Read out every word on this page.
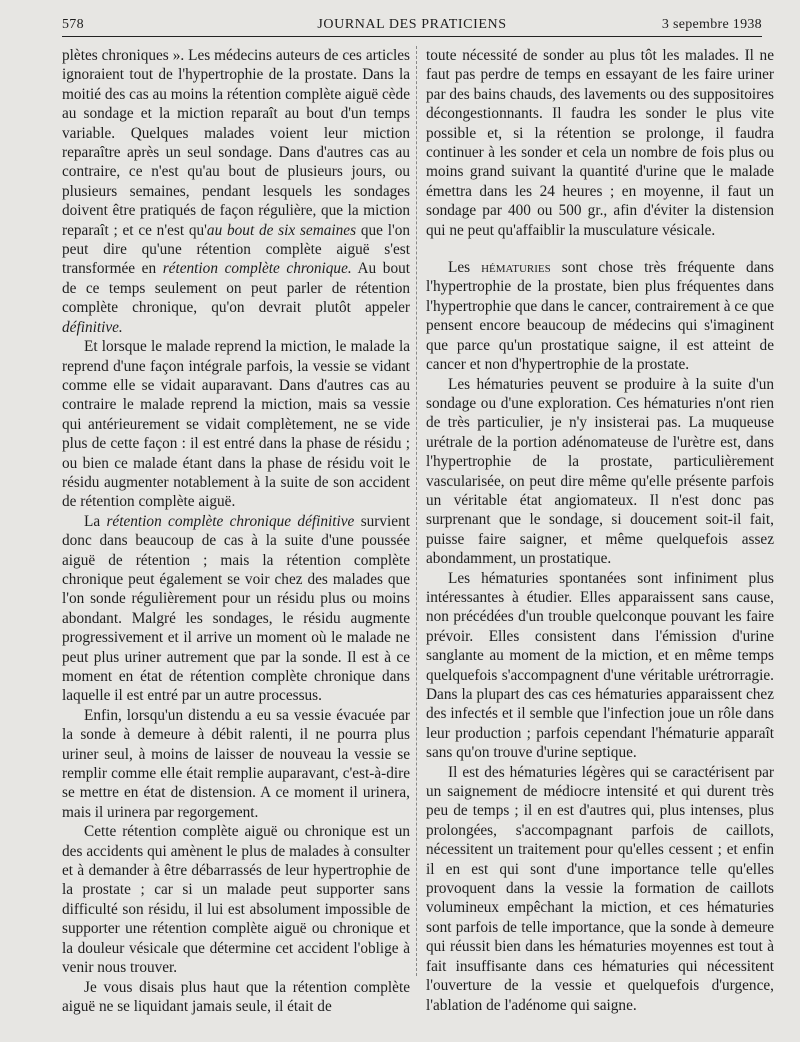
578	JOURNAL DES PRATICIENS	3 sepembre 1938

plètes chroniques ». Les médecins auteurs de ces articles ignoraient tout de l'hypertrophie de la prostate. Dans la moitié des cas au moins la rétention complète aiguë cède au sondage et la miction reparaît au bout d'un temps variable. Quelques malades voient leur miction reparaître après un seul sondage. Dans d'autres cas au contraire, ce n'est qu'au bout de plusieurs jours, ou plusieurs semaines, pendant lesquels les sondages doivent être pratiqués de façon régulière, que la miction reparaît ; et ce n'est qu'au bout de six semaines que l'on peut dire qu'une rétention complète aiguë s'est transformée en rétention complète chronique. Au bout de ce temps seulement on peut parler de rétention complète chronique, qu'on devrait plutôt appeler définitive.

Et lorsque le malade reprend la miction, le malade la reprend d'une façon intégrale parfois, la vessie se vidant comme elle se vidait auparavant. Dans d'autres cas au contraire le malade reprend la miction, mais sa vessie qui antérieurement se vidait complètement, ne se vide plus de cette façon : il est entré dans la phase de résidu ; ou bien ce malade étant dans la phase de résidu voit le résidu augmenter notablement à la suite de son accident de rétention complète aiguë.

La rétention complète chronique définitive survient donc dans beaucoup de cas à la suite d'une poussée aiguë de rétention ; mais la rétention complète chronique peut également se voir chez des malades que l'on sonde régulièrement pour un résidu plus ou moins abondant. Malgré les sondages, le résidu augmente progressivement et il arrive un moment où le malade ne peut plus uriner autrement que par la sonde. Il est à ce moment en état de rétention complète chronique dans laquelle il est entré par un autre processus.

Enfin, lorsqu'un distendu a eu sa vessie évacuée par la sonde à demeure à débit ralenti, il ne pourra plus uriner seul, à moins de laisser de nouveau la vessie se remplir comme elle était remplie auparavant, c'est-à-dire se mettre en état de distension. A ce moment il urinera, mais il urinera par regorgement.

Cette rétention complète aiguë ou chronique est un des accidents qui amènent le plus de malades à consulter et à demander à être débarrassés de leur hypertrophie de la prostate ; car si un malade peut supporter sans difficulté son résidu, il lui est absolument impossible de supporter une rétention complète aiguë ou chronique et la douleur vésicale que détermine cet accident l'oblige à venir nous trouver.

Je vous disais plus haut que la rétention complète aiguë ne se liquidant jamais seule, il était de

toute nécessité de sonder au plus tôt les malades. Il ne faut pas perdre de temps en essayant de les faire uriner par des bains chauds, des lavements ou des suppositoires décongestionnants. Il faudra les sonder le plus vite possible et, si la rétention se prolonge, il faudra continuer à les sonder et cela un nombre de fois plus ou moins grand suivant la quantité d'urine que le malade émettra dans les 24 heures ; en moyenne, il faut un sondage par 400 ou 500 gr., afin d'éviter la distension qui ne peut qu'affaiblir la musculature vésicale.

Les hématuries sont chose très fréquente dans l'hypertrophie de la prostate, bien plus fréquentes dans l'hypertrophie que dans le cancer, contrairement à ce que pensent encore beaucoup de médecins qui s'imaginent que parce qu'un prostatique saigne, il est atteint de cancer et non d'hypertrophie de la prostate.

Les hématuries peuvent se produire à la suite d'un sondage ou d'une exploration. Ces hématuries n'ont rien de très particulier, je n'y insisterai pas. La muqueuse urétrale de la portion adénomateuse de l'urètre est, dans l'hypertrophie de la prostate, particulièrement vascularisée, on peut dire même qu'elle présente parfois un véritable état angiomateux. Il n'est donc pas surprenant que le sondage, si doucement soit-il fait, puisse faire saigner, et même quelquefois assez abondamment, un prostatique.

Les hématuries spontanées sont infiniment plus intéressantes à étudier. Elles apparaissent sans cause, non précédées d'un trouble quelconque pouvant les faire prévoir. Elles consistent dans l'émission d'urine sanglante au moment de la miction, et en même temps quelquefois s'accompagnent d'une véritable urétrorragie. Dans la plupart des cas ces hématuries apparaissent chez des infectés et il semble que l'infection joue un rôle dans leur production ; parfois cependant l'hématurie apparaît sans qu'on trouve d'urine septique.

Il est des hématuries légères qui se caractérisent par un saignement de médiocre intensité et qui durent très peu de temps ; il en est d'autres qui, plus intenses, plus prolongées, s'accompagnant parfois de caillots, nécessitent un traitement pour qu'elles cessent ; et enfin il en est qui sont d'une importance telle qu'elles provoquent dans la vessie la formation de caillots volumineux empêchant la miction, et ces hématuries sont parfois de telle importance, que la sonde à demeure qui réussit bien dans les hématuries moyennes est tout à fait insuffisante dans ces hématuries qui nécessitent l'ouverture de la vessie et quelquefois d'urgence, l'ablation de l'adénome qui saigne.
